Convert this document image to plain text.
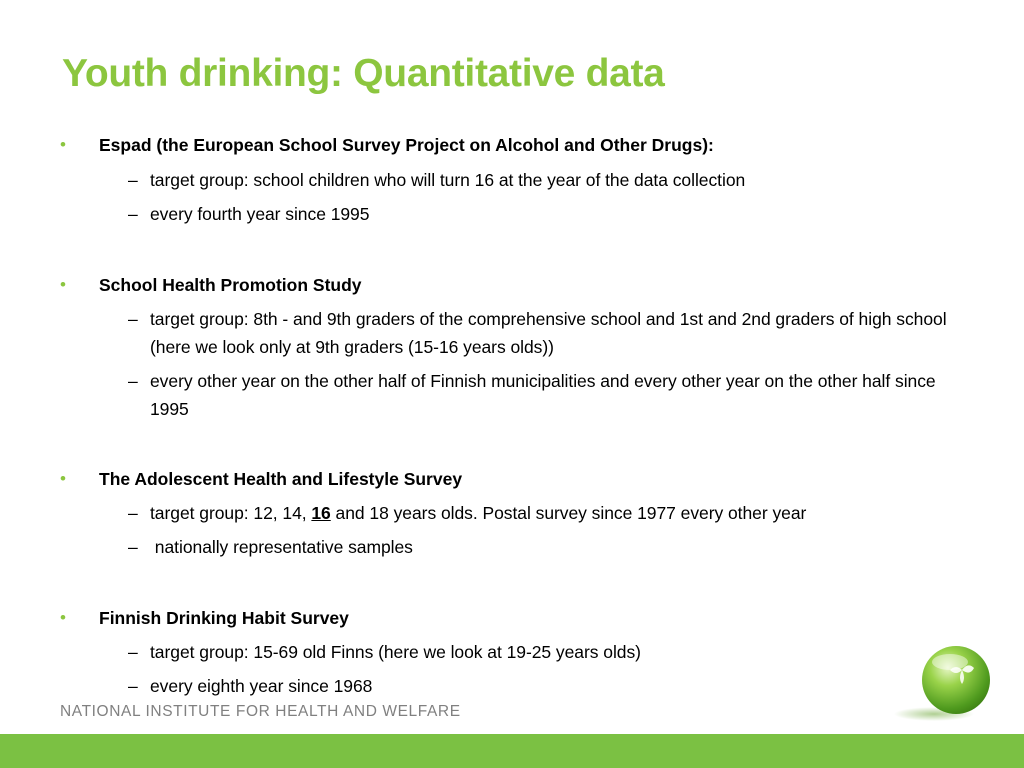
Youth drinking: Quantitative data
• Espad (the European School Survey Project on Alcohol and Other Drugs):
– target group: school children who will turn 16 at the year of the data collection
– every fourth year since 1995
• School Health Promotion Study
– target group: 8th - and 9th graders of the comprehensive school and 1st and 2nd graders of high school (here we look only at 9th graders (15-16 years olds))
– every other year on the other half of Finnish municipalities and every other year on the other half since 1995
• The Adolescent Health and Lifestyle Survey
– target group: 12, 14, 16 and 18 years olds. Postal survey since 1977 every other year
– nationally representative samples
• Finnish Drinking Habit Survey
– target group: 15-69 old Finns (here we look at 19-25 years olds)
– every eighth year since 1968
NATIONAL INSTITUTE FOR HEALTH AND WELFARE
